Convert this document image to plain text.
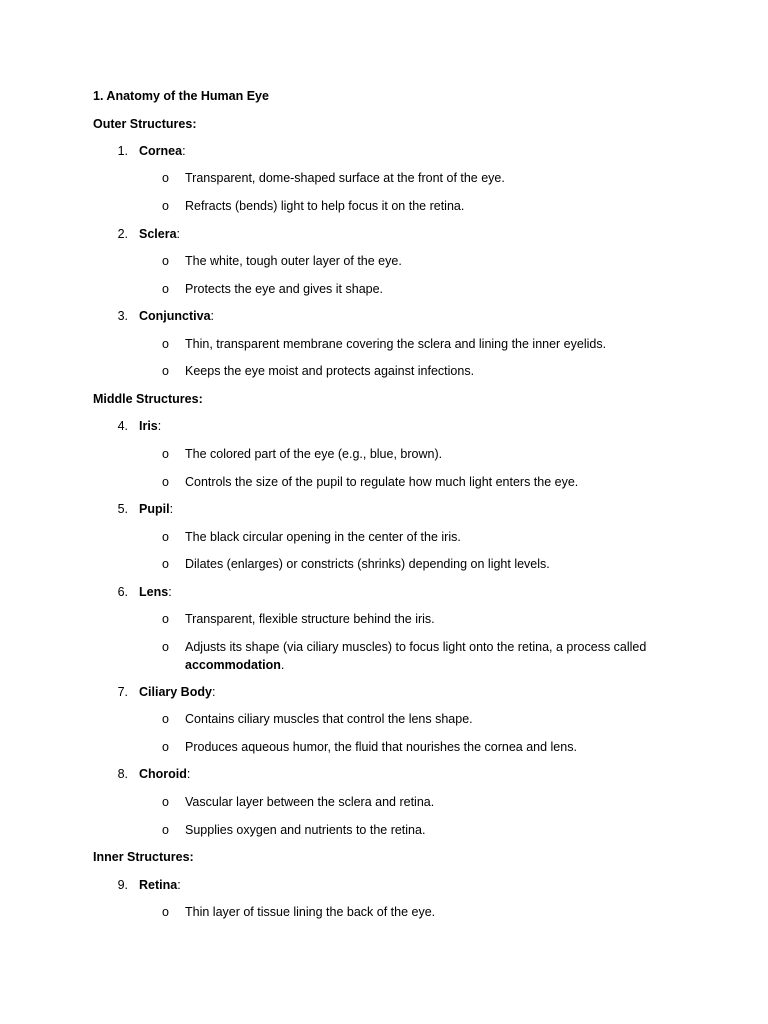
1. Anatomy of the Human Eye
Outer Structures:
1. Cornea:
o Transparent, dome-shaped surface at the front of the eye.
o Refracts (bends) light to help focus it on the retina.
2. Sclera:
o The white, tough outer layer of the eye.
o Protects the eye and gives it shape.
3. Conjunctiva:
o Thin, transparent membrane covering the sclera and lining the inner eyelids.
o Keeps the eye moist and protects against infections.
Middle Structures:
4. Iris:
o The colored part of the eye (e.g., blue, brown).
o Controls the size of the pupil to regulate how much light enters the eye.
5. Pupil:
o The black circular opening in the center of the iris.
o Dilates (enlarges) or constricts (shrinks) depending on light levels.
6. Lens:
o Transparent, flexible structure behind the iris.
o Adjusts its shape (via ciliary muscles) to focus light onto the retina, a process called accommodation.
7. Ciliary Body:
o Contains ciliary muscles that control the lens shape.
o Produces aqueous humor, the fluid that nourishes the cornea and lens.
8. Choroid:
o Vascular layer between the sclera and retina.
o Supplies oxygen and nutrients to the retina.
Inner Structures:
9. Retina:
o Thin layer of tissue lining the back of the eye.
